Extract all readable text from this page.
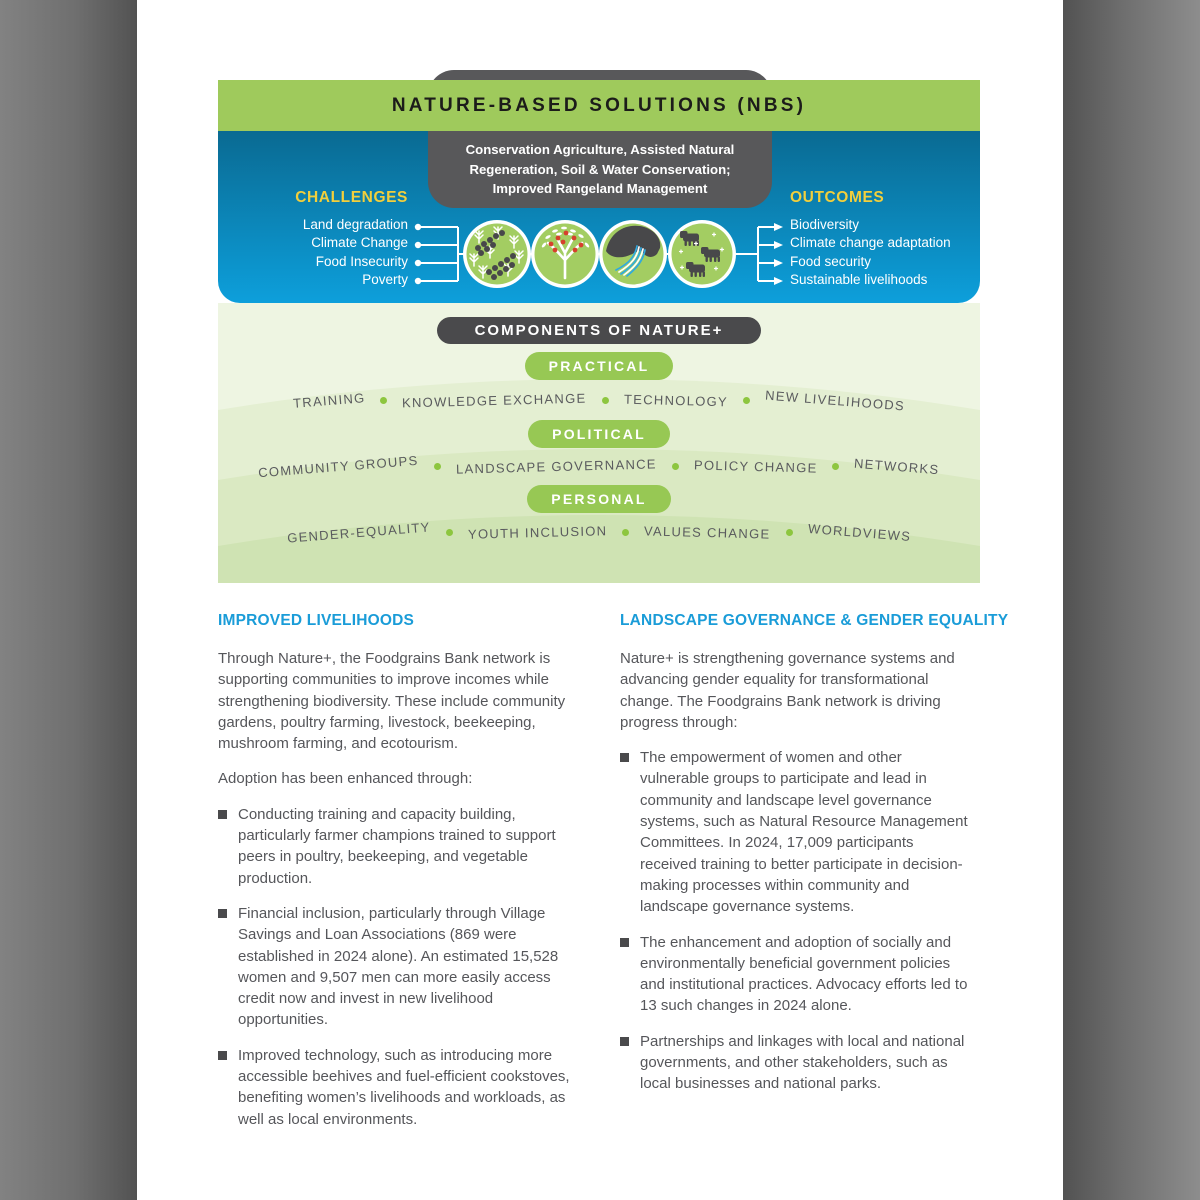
Conservation Agriculture, Assisted Natural Regeneration, Soil & Water Conservation; Improved Rangeland Management
NATURE-BASED SOLUTIONS (NBS)
CHALLENGES	OUTCOMES
Land degradation
Climate Change
Food Insecurity
Poverty
Biodiversity
Climate change adaptation
Food security
Sustainable livelihoods
COMPONENTS OF NATURE+
PRACTICAL
TRAINING	KNOWLEDGE EXCHANGE	TECHNOLOGY	NEW LIVELIHOODS
POLITICAL
COMMUNITY GROUPS	LANDSCAPE GOVERNANCE	POLICY CHANGE	NETWORKS
PERSONAL
GENDER-EQUALITY	YOUTH INCLUSION	VALUES CHANGE	WORLDVIEWS
IMPROVED LIVELIHOODS

Through Nature+, the Foodgrains Bank network is supporting communities to improve incomes while strengthening biodiversity. These include community gardens, poultry farming, livestock, beekeeping, mushroom farming, and ecotourism.

Adoption has been enhanced through:

Conducting training and capacity building, particularly farmer champions trained to support peers in poultry, beekeeping, and vegetable production.
Financial inclusion, particularly through Village Savings and Loan Associations (869 were established in 2024 alone). An estimated 15,528 women and 9,507 men can more easily access credit now and invest in new livelihood opportunities.
Improved technology, such as introducing more accessible beehives and fuel-efficient cookstoves, benefiting women’s livelihoods and workloads, as well as local environments.
LANDSCAPE GOVERNANCE & GENDER EQUALITY

Nature+ is strengthening governance systems and advancing gender equality for transformational change. The Foodgrains Bank network is driving progress through:

The empowerment of women and other vulnerable groups to participate and lead in community and landscape level governance systems, such as Natural Resource Management Committees. In 2024, 17,009 participants received training to better participate in decision-making processes within community and landscape governance systems.
The enhancement and adoption of socially and environmentally beneficial government policies and institutional practices. Advocacy efforts led to 13 such changes in 2024 alone.
Partnerships and linkages with local and national governments, and other stakeholders, such as local businesses and national parks.
